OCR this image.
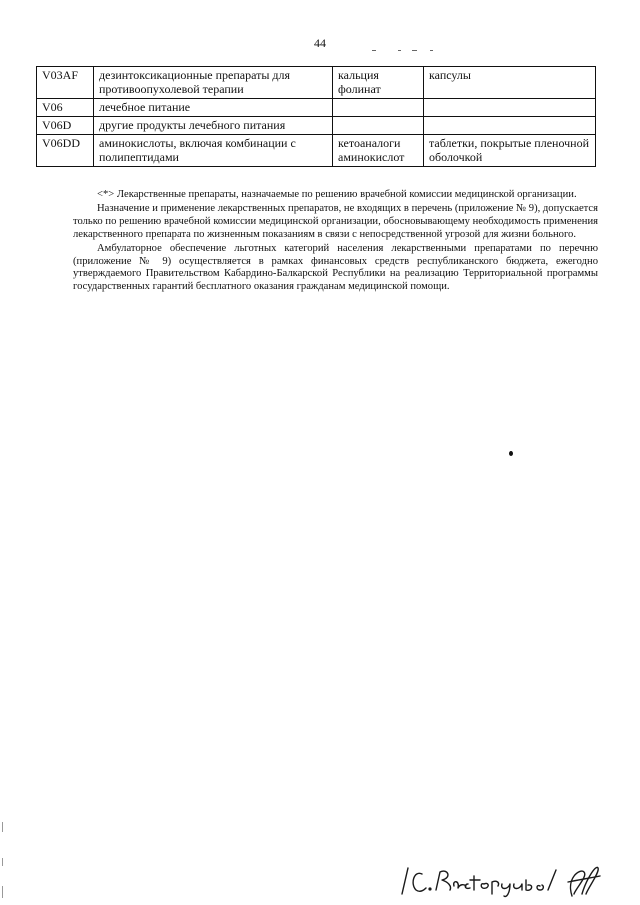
44
V03AF	дезинтоксикационные препараты для противоопухолевой терапии	кальция фолинат	капсулы
V06	лечебное питание		
V06D	другие продукты лечебного питания		
V06DD	аминокислоты, включая комбинации с полипептидами	кетоаналоги аминокислот	таблетки, покрытые пленочной оболочкой

<*> Лекарственные препараты, назначаемые по решению врачебной комиссии медицинской организации.

Назначение и применение лекарственных препаратов, не входящих в перечень (приложение № 9), допускается только по решению врачебной комиссии медицинской организации, обосновывающему необходимость применения лекарственного препарата по жизненным показаниям в связи с непосредственной угрозой для жизни больного.

Амбулаторное обеспечение льготных категорий населения лекарственными препаратами по перечню (приложение № 9) осуществляется в рамках финансовых средств республиканского бюджета, ежегодно утверждаемого Правительством Кабардино-Балкарской Республики на реализацию Территориальной программы государственных гарантий бесплатного оказания гражданам медицинской помощи.
